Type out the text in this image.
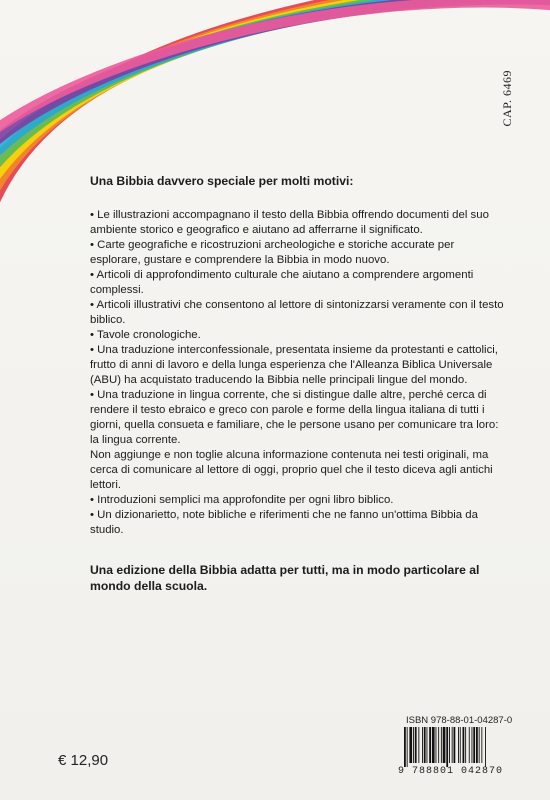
CAP. 6469

Una Bibbia davvero speciale per molti motivi:

• Le illustrazioni accompagnano il testo della Bibbia offrendo documenti del suo ambiente storico e geografico e aiutano ad afferrarne il significato.
• Carte geografiche e ricostruzioni archeologiche e storiche accurate per esplorare, gustare e comprendere la Bibbia in modo nuovo.
• Articoli di approfondimento culturale che aiutano a comprendere argomenti complessi.
• Articoli illustrativi che consentono al lettore di sintonizzarsi veramente con il testo biblico.
• Tavole cronologiche.
• Una traduzione interconfessionale, presentata insieme da protestanti e cattolici, frutto di anni di lavoro e della lunga esperienza che l'Alleanza Biblica Universale (ABU) ha acquistato traducendo la Bibbia nelle principali lingue del mondo.
• Una traduzione in lingua corrente, che si distingue dalle altre, perché cerca di rendere il testo ebraico e greco con parole e forme della lingua italiana di tutti i giorni, quella consueta e familiare, che le persone usano per comunicare tra loro: la lingua corrente.
Non aggiunge e non toglie alcuna informazione contenuta nei testi originali, ma cerca di comunicare al lettore di oggi, proprio quel che il testo diceva agli antichi lettori.
• Introduzioni semplici ma approfondite per ogni libro biblico.
• Un dizionarietto, note bibliche e riferimenti che ne fanno un'ottima Bibbia da studio.

Una edizione della Bibbia adatta per tutti, ma in modo particolare al mondo della scuola.

€ 12,90
ISBN 978-88-01-04287-0
9 788801 042870
